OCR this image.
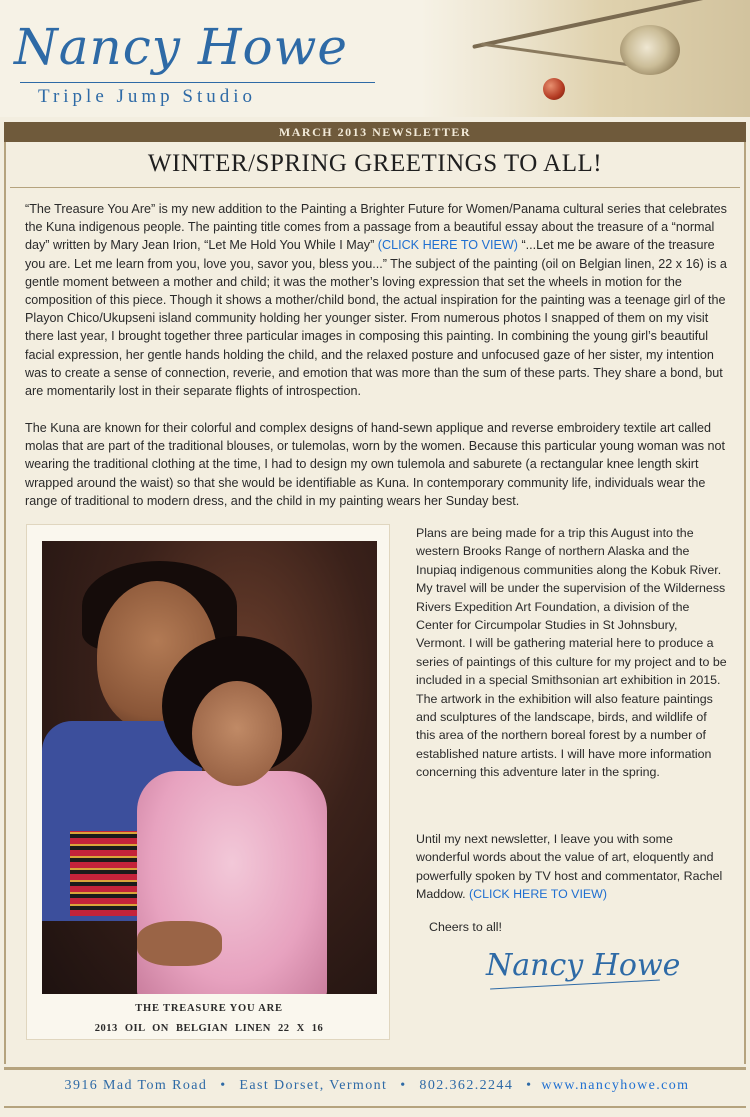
Nancy Howe
Triple Jump Studio
MARCH 2013 NEWSLETTER
WINTER/SPRING GREETINGS TO ALL!

“The Treasure You Are” is my new addition to the Painting a Brighter Future for Women/Panama cultural series that celebrates the Kuna indigenous people. The painting title comes from a passage from a beautiful essay about the treasure of a “normal day” written by Mary Jean Irion, “Let Me Hold You While I May” (CLICK HERE TO VIEW) “...Let me be aware of the treasure you are. Let me learn from you, love you, savor you, bless you...” The subject of the painting (oil on Belgian linen, 22 x 16) is a gentle moment between a mother and child; it was the mother’s loving expression that set the wheels in motion for the composition of this piece. Though it shows a mother/child bond, the actual inspiration for the painting was a teenage girl of the Playon Chico/Ukupseni island community holding her younger sister. From numerous photos I snapped of them on my visit there last year, I brought together three particular images in composing this painting. In combining the young girl’s beautiful facial expression, her gentle hands holding the child, and the relaxed posture and unfocused gaze of her sister, my intention was to create a sense of connection, reverie, and emotion that was more than the sum of these parts. They share a bond, but are momentarily lost in their separate flights of introspection.

The Kuna are known for their colorful and complex designs of hand-sewn applique and reverse embroidery textile art called molas that are part of the traditional blouses, or tulemolas, worn by the women. Because this particular young woman was not wearing the traditional clothing at the time, I had to design my own tulemola and saburete (a rectangular knee length skirt wrapped around the waist) so that she would be identifiable as Kuna. In contemporary community life, individuals wear the range of traditional to modern dress, and the child in my painting wears her Sunday best.

THE TREASURE YOU ARE
2013 OIL ON BELGIAN LINEN 22 X 16

Plans are being made for a trip this August into the western Brooks Range of northern Alaska and the Inupiaq indigenous communities along the Kobuk River. My travel will be under the supervision of the Wilderness Rivers Expedition Art Foundation, a division of the Center for Circumpolar Studies in St Johnsbury, Vermont. I will be gathering material here to produce a series of paintings of this culture for my project and to be included in a special Smithsonian art exhibition in 2015. The artwork in the exhibition will also feature paintings and sculptures of the landscape, birds, and wildlife of this area of the northern boreal forest by a number of established nature artists. I will have more information concerning this adventure later in the spring.

Until my next newsletter, I leave you with some wonderful words about the value of art, eloquently and powerfully spoken by TV host and commentator, Rachel Maddow. (CLICK HERE TO VIEW)

Cheers to all!
Nancy Howe
3916 Mad Tom Road • East Dorset, Vermont • 802.362.2244 • www.nancyhowe.com
